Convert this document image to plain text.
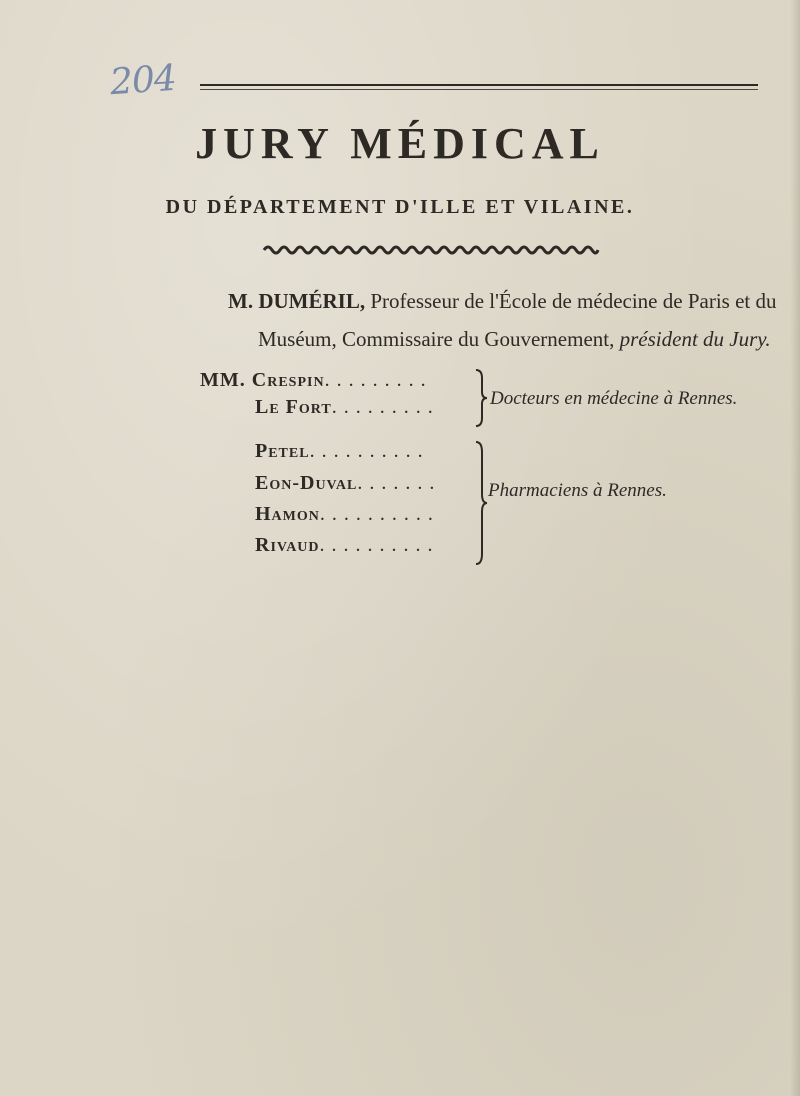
204
JURY MÉDICAL
DU DÉPARTEMENT D'ILLE ET VILAINE.
M. DUMÉRIL, Professeur de l'École de médecine de Paris et du Muséum, Commissaire du Gouvernement, président du Jury.
MM. Crespin. . . . . . . . .
Le Fort. . . . . . . . .	Docteurs en médecine à Rennes.
Petel. . . . . . . . . .
Eon-Duval. . . . . . .
Hamon. . . . . . . . . .
Rivaud. . . . . . . . . .
Pharmaciens à Rennes.
